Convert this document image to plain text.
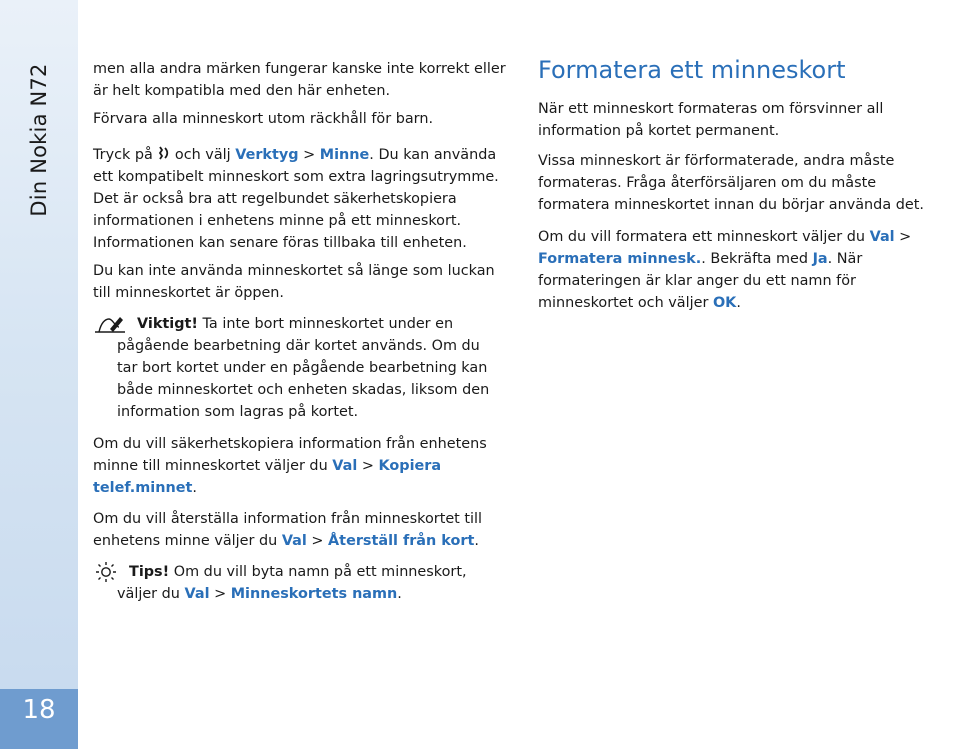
Din Nokia N72
18

men alla andra märken fungerar kanske inte korrekt eller är helt kompatibla med den här enheten.

Förvara alla minneskort utom räckhåll för barn.

Tryck på och välj Verktyg > Minne. Du kan använda ett kompatibelt minneskort som extra lagringsutrymme. Det är också bra att regelbundet säkerhetskopiera informationen i enhetens minne på ett minneskort. Informationen kan senare föras tillbaka till enheten.

Du kan inte använda minneskortet så länge som luckan till minneskortet är öppen.

Viktigt! Ta inte bort minneskortet under en pågående bearbetning där kortet används. Om du tar bort kortet under en pågående bearbetning kan både minneskortet och enheten skadas, liksom den information som lagras på kortet.

Om du vill säkerhetskopiera information från enhetens minne till minneskortet väljer du Val > Kopiera telef.minnet.

Om du vill återställa information från minneskortet till enhetens minne väljer du Val > Återställ från kort.

Tips! Om du vill byta namn på ett minneskort, väljer du Val > Minneskortets namn.
Formatera ett minneskort

När ett minneskort formateras om försvinner all information på kortet permanent.

Vissa minneskort är förformaterade, andra måste formateras. Fråga återförsäljaren om du måste formatera minneskortet innan du börjar använda det.

Om du vill formatera ett minneskort väljer du Val > Formatera minnesk.. Bekräfta med Ja. När formateringen är klar anger du ett namn för minneskortet och väljer OK.
